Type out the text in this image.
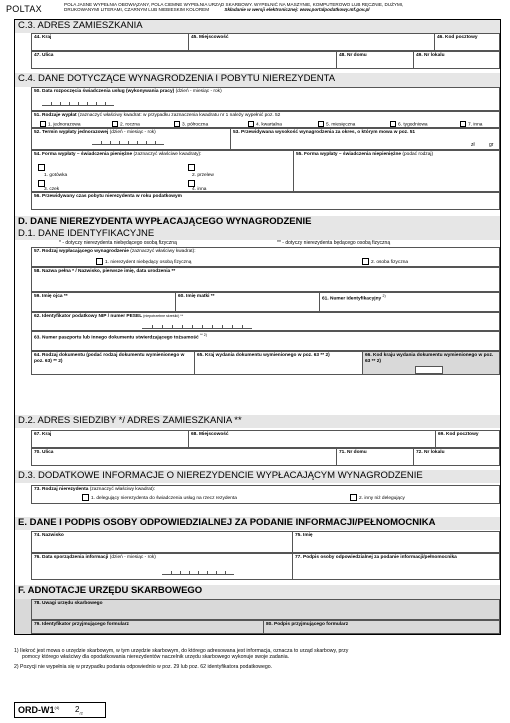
POLTAX	POLA JASNE WYPEŁNIA OBOWIĄZANY, POLA CIEMNE WYPEŁNIA URZĄD SKARBOWY. WYPEŁNIĆ NA MASZYNIE, KOMPUTEROWO LUB RĘCZNIE, DUŻYMI,
DRUKOWANYMI LITERAMI, CZARNYM LUB NIEBIESKIM KOLOREM	Składanie w wersji elektronicznej: www.portalpodatkowy.mf.gov.pl
C.3. ADRES ZAMIESZKANIA
44. Kraj	45. Miejscowość	46. Kod pocztowy
47. Ulica	48. Nr domu	49. Nr lokalu
C.4. DANE DOTYCZĄCE WYNAGRODZENIA I POBYTU NIEREZYDENTA
50. Data rozpoczęcia świadczenia usług (wykonywania pracy) (dzień - miesiąc - rok)
51. Rodzaje wypłat (zaznaczyć właściwy kwadrat: w przypadku zaznaczenia kwadratu nr 1 należy wypełnić poz. 52
1. jednorazowa	2. roczna	3. półroczna	4. kwartalna	5. miesięczna	6. tygodniowa	7. inna
52. Termin wypłaty jednorazowej (dzień - miesiąc - rok)	53. Przewidywana wysokość wynagrodzenia za okres, o którym mowa w poz. 51
zł	gr
54. Forma wypłaty – świadczenia pieniężne (zaznaczyć właściwe kwadraty):
1. gotówka	2. przelew
3. czek	4. inna
55. Forma wypłaty – świadczenia niepieniężne (podać rodzaj)
56. Przewidywany czas pobytu nierezydenta w roku podatkowym
D. DANE NIEREZYDENTA WYPŁACAJĄCEGO WYNAGRODZENIE
D.1. DANE IDENTYFIKACYJNE
* - dotyczy nierezydenta niebędącego osobą fizyczną	** - dotyczy nierezydenta będącego osobą fizyczną
57. Rodzaj wypłacającego wynagrodzenie (zaznaczyć właściwy kwadrat):
1. nierezydent niebędący osobą fizyczną	2. osoba fizyczna
58. Nazwa pełna * / Nazwisko, pierwsze imię, data urodzenia **
59. Imię ojca **	60. Imię matki **
61. Numer identyfikacyjny $^{2)}$
62. Identyfikator podatkowy NIP / numer PESEL (niepotrzebne skreślić) **
63. Numer paszportu lub innego dokumentu stwierdzającego tożsamość $^{** 2)}$
64. Rodzaj dokumentu (podać rodzaj dokumentu wymienionego w poz. 63) ** 2)
65. Kraj wydania dokumentu wymienionego w poz. 63 ** 2)	66. Kod kraju wydania dokumentu wymienionego w poz. 63 ** 2)
D.2. ADRES SIEDZIBY */ ADRES ZAMIESZKANIA **
67. Kraj	68. Miejscowość	69. Kod pocztowy
70. Ulica	71. Nr domu	72. Nr lokalu
D.3. DODATKOWE INFORMACJE O NIEREZYDENCIE WYPŁACAJĄCYM WYNAGRODZENIE
73. Rodzaj nierezydenta (zaznaczyć właściwy kwadrat):
1. delegujący nierezydenta do świadczenia usług na rzecz rezydenta	2. inny niż delegujący
E. DANE I PODPIS OSOBY ODPOWIEDZIALNEJ ZA PODANIE INFORMACJI/PEŁNOMOCNIKA
74. Nazwisko	75. Imię
76. Data sporządzenia informacji (dzień - miesiąc - rok)	77. Podpis osoby odpowiedzialnej za podanie informacji/pełnomocnika
F. ADNOTACJE URZĘDU SKARBOWEGO
78. Uwagi urzędu skarbowego
79. Identyfikator przyjmującego formularz	80. Podpis przyjmującego formularz
1) Ilekroć jest mowa o urzędzie skarbowym, w tym urzędzie skarbowym, do którego adresowana jest informacja, oznacza to urząd skarbowy, przy
pomocy którego właściwy dla opodatkowania nierezydentów naczelnik urzędu skarbowego wykonuje swoje zadania.
2) Pozycji nie wypełnia się w przypadku podania odpowiednio w poz. 29 lub poz. 62 identyfikatora podatkowego.
ORD-W1$^{(4)}$ $2_{/2}$
